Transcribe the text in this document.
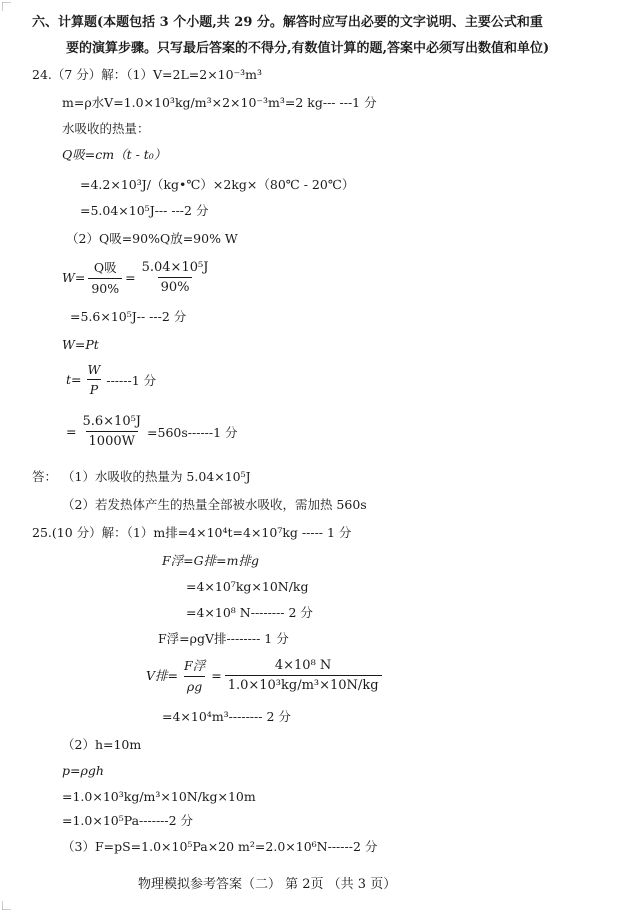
六、计算题(本题包括 3 个小题,共 29 分。解答时应写出必要的文字说明、主要公式和重
要的演算步骤。只写最后答案的不得分,有数值计算的题,答案中必须写出数值和单位)
24.（7 分）解：（1）V=2L=2×10⁻³m³
m=ρ水V=1.0×10³kg/m³×2×10⁻³m³=2 kg--- ---1 分
水吸收的热量：
Q吸=cm（t - t₀）
=4.2×10³J/（kg•℃）×2kg×（80℃ - 20℃）
=5.04×10⁵J--- ---2 分
（2）Q吸=90%Q放=90% W
$W= \frac{\text{Q吸}}{90\%} = \frac{\text{5.04×10⁵J}}{90\%}$
=5.6×10⁵J-- ---2 分
W=Pt
$t= \frac{W}{P} ------1$ 分
= $\frac{\text{5.6×10⁵J}}{1000W} =560s------1$ 分
答： （1）水吸收的热量为 5.04×10⁵J
（2）若发热体产生的热量全部被水吸收，需加热 560s
25.(10 分）解：（1）m排=4×10⁴t=4×10⁷kg ----- 1 分
F浮=G排=m排g
=4×10⁷kg×10N/kg
=4×10⁸ N-------- 2 分
F浮=ρgV排-------- 1 分
V排= $\frac{\text{F浮}}{\rho g} = \frac{\text{4×10⁸ N}}{\text{1.0×10³kg/m³×10N/kg}}$
=4×10⁴m³-------- 2 分
（2）h=10m
p=ρgh
=1.0×10³kg/m³×10N/kg×10m
=1.0×10⁵Pa-------2 分
（3）F=pS=1.0×10⁵Pa×20 m²=2.0×10⁶N------2 分
物理模拟参考答案（二） 第 2页 （共 3 页）
